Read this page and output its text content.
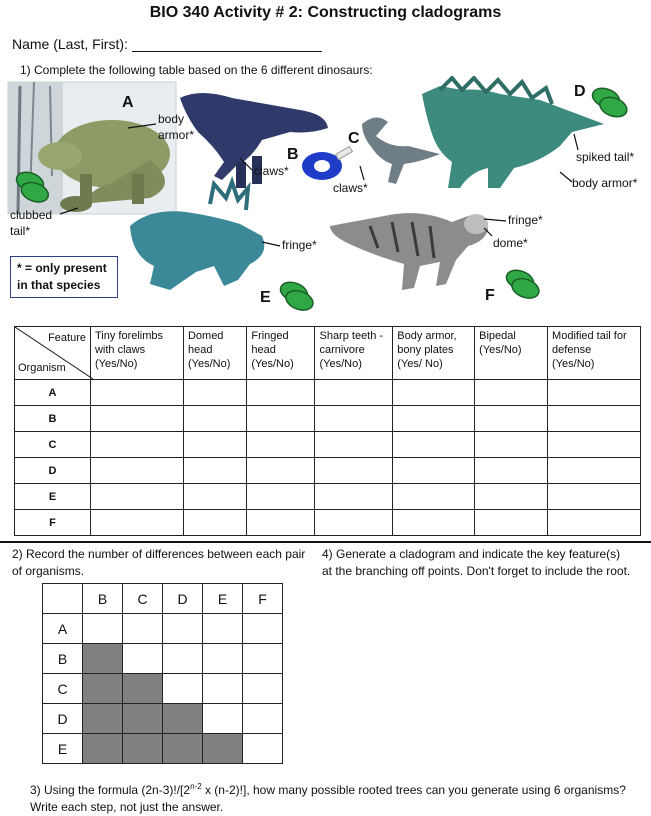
BIO 340 Activity # 2: Constructing cladograms
Name (Last, First):
1) Complete the following table based on the 6 different dinosaurs:
A
B
C
D
E	F
body armor*
clubbed tail*
claws*
claws*
spiked tail*
body armor*
fringe*
fringe*
dome*
* = only present in that species
Feature
Organism	Tiny forelimbs with claws (Yes/No)	Domed head (Yes/No)	Fringed head (Yes/No)	Sharp teeth - carnivore (Yes/No)	Body armor, bony plates (Yes/ No)	Bipedal (Yes/No)	Modified tail for defense (Yes/No)
A							
B							
C							
D							
E							
F							
2) Record the number of differences between each pair of organisms.
4) Generate a cladogram and indicate the key feature(s) at the branching off points. Don't forget to include the root.
	B	C	D	E	F
A					
B					
C					
D					
E					
3) Using the formula (2n-3)!/[2$^{n-2}$ x (n-2)!], how many possible rooted trees can you generate using 6 organisms? Write each step, not just the answer.
